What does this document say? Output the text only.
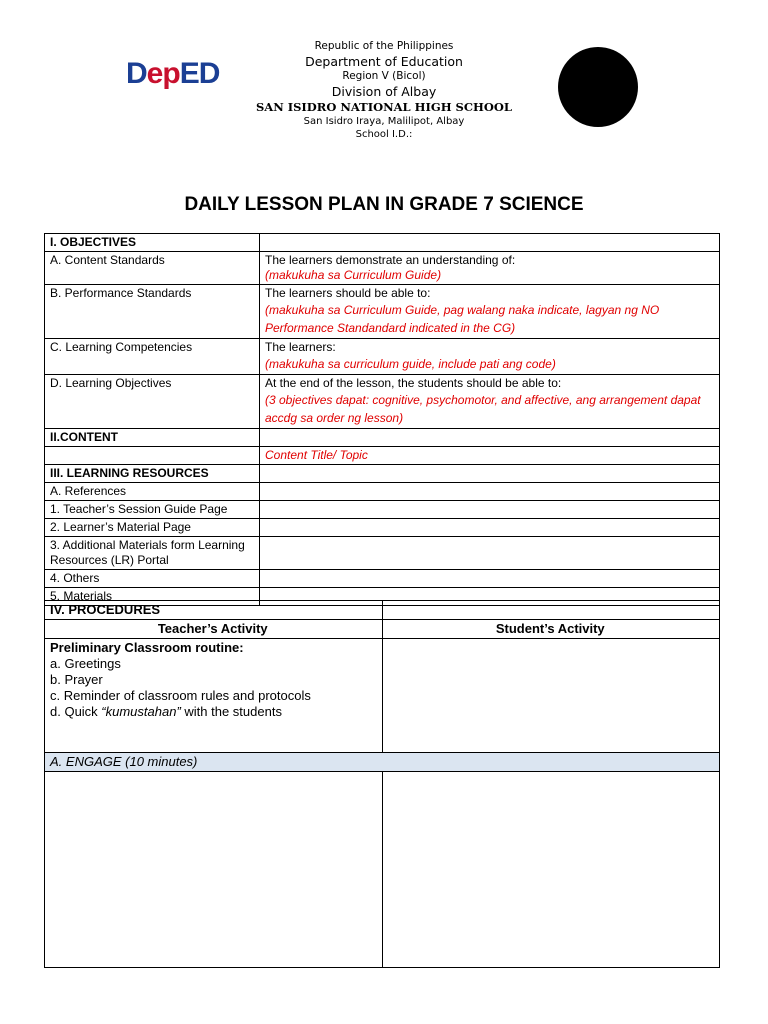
DepED
Republic of the Philippines
Department of Education
Region V (Bicol)
Division of Albay
SAN ISIDRO NATIONAL HIGH SCHOOL
San Isidro Iraya, Malilipot, Albay
School I.D.:
DAILY LESSON PLAN IN GRADE 7 SCIENCE
I. OBJECTIVES	
A. Content Standards	The learners demonstrate an understanding of:
(makukuha sa Curriculum Guide)

B. Performance Standards	The learners should be able to:
(makukuha sa Curriculum Guide, pag walang naka indicate, lagyan ng NO Performance Standandard indicated in the CG)

C. Learning Competencies	The learners:
(makukuha sa curriculum guide, include pati ang code)

D. Learning Objectives	At the end of the lesson, the students should be able to:
(3 objectives dapat: cognitive, psychomotor, and affective, ang arrangement dapat accdg sa order ng lesson)

II.CONTENT	
	Content Title/ Topic
III. LEARNING RESOURCES	
A. References	
1. Teacher’s Session Guide Page	
2. Learner’s Material Page	
3. Additional Materials form Learning Resources (LR) Portal	
4. Others	
5. Materials	
IV. PROCEDURES	
Teacher’s Activity	Student’s Activity

Preliminary Classroom routine:
a. Greetings
b. Prayer
c. Reminder of classroom rules and protocols
d. Quick “kumustahan” with the students	

A. ENGAGE (10 minutes)	
